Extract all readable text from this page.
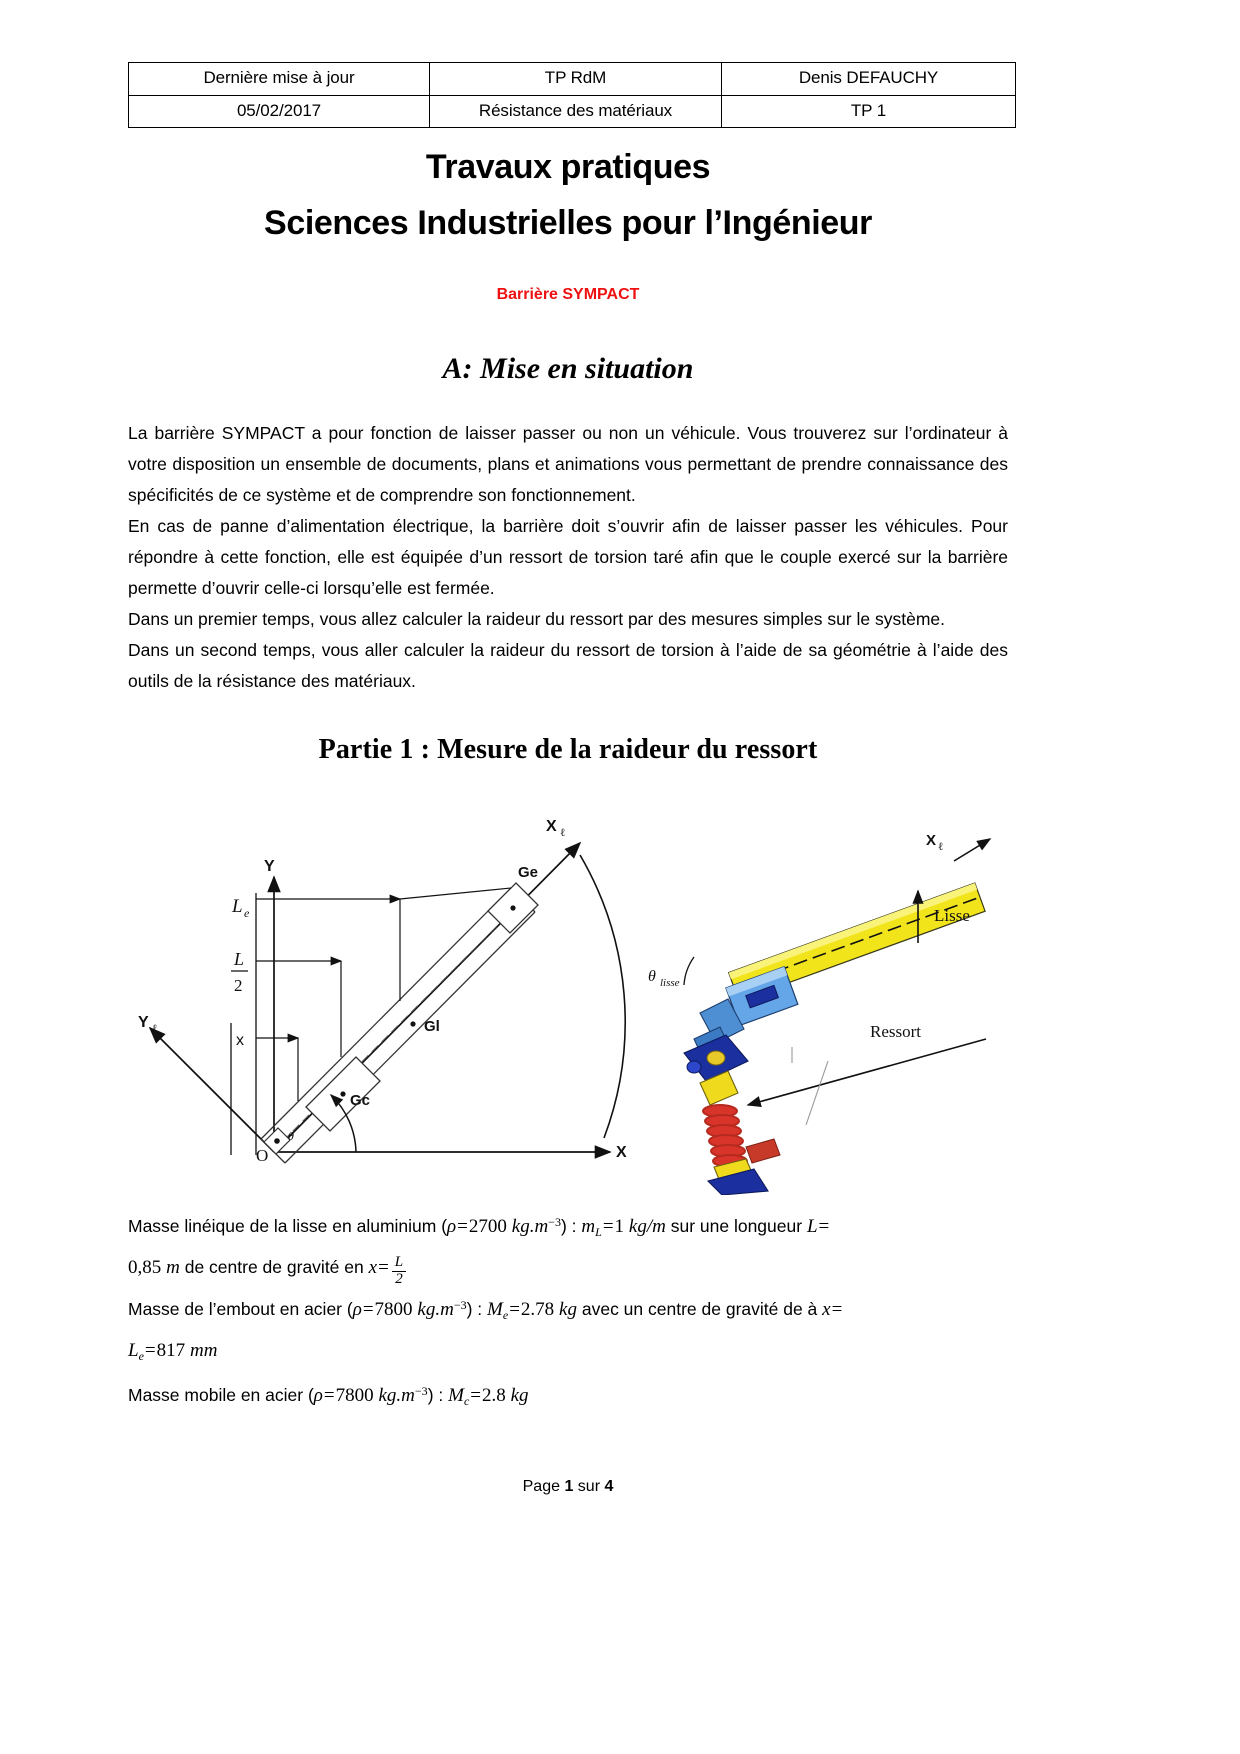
Dernière mise à jour	TP RdM	Denis DEFAUCHY
05/02/2017	Résistance des matériaux	TP 1
Travaux pratiques
Sciences Industrielles pour l’Ingénieur
Barrière SYMPACT
A: Mise en situation

La barrière SYMPACT a pour fonction de laisser passer ou non un véhicule. Vous trouverez sur l’ordinateur à votre disposition un ensemble de documents, plans et animations vous permettant de prendre connaissance des spécificités de ce système et de comprendre son fonctionnement.

En cas de panne d’alimentation électrique, la barrière doit s’ouvrir afin de laisser passer les véhicules. Pour répondre à cette fonction, elle est équipée d’un ressort de torsion taré afin que le couple exercé sur la barrière permette d’ouvrir celle-ci lorsqu’elle est fermée.

Dans un premier temps, vous allez calculer la raideur du ressort par des mesures simples sur le système.

Dans un second temps, vous aller calculer la raideur du ressort de torsion à l’aide de sa géométrie à l’aide des outils de la résistance des matériaux.

Partie 1 : Mesure de la raideur du ressort
Y
X
Y ℓ
X ℓ
O
Ge
Gl
Gc
L e
L
2
x
θ
θ lisse
Lisse
Ressort
X ℓ

Masse linéique de la lisse en aluminium (ρ=2700 $kg.m^{-3}$) : $m_L=1$ kg/m sur une longueur L=

0,85 m de centre de gravité en $x= \frac{L}{2}$

Masse de l’embout en acier (ρ=7800 $kg.m^{-3}$) : $M_e=2.78$ kg avec un centre de gravité de à x=

$L_e=817$ mm

Masse mobile en acier (ρ=7800 $kg.m^{-3}$) : $M_c=2.8$ kg

Page 1 sur 4
